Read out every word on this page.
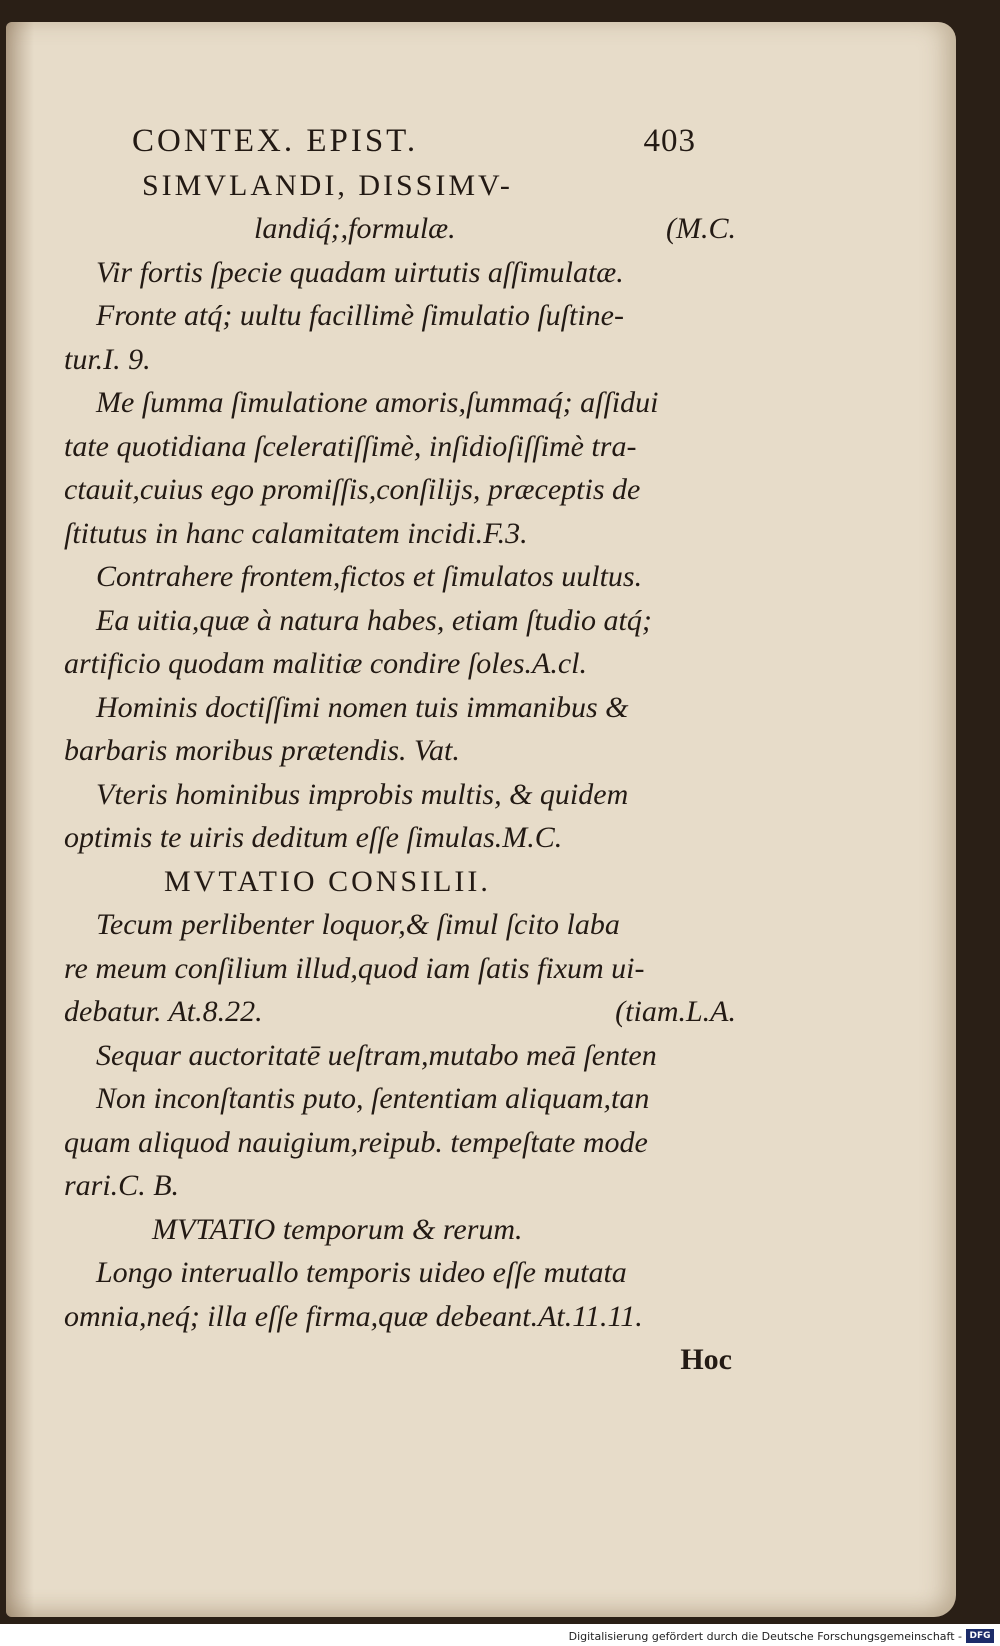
CONTEX. EPIST.	403
SIMVLANDI, DISSIMV-
landiq́;,formulæ.	(M.C.
Vir fortis ſpecie quadam uirtutis aſſimulatæ.
Fronte atq́; uultu facillimè ſimulatio ſuſtine-
tur.I. 9.
Me ſumma ſimulatione amoris,ſummaq́; aſſidui
tate quotidiana ſceleratiſſimè, inſidioſiſſimè tra-
ctauit,cuius ego promiſſis,conſilijs, præceptis de
ſtitutus in hanc calamitatem incidi.F.3.
Contrahere frontem,fictos et ſimulatos uultus.
Ea uitia,quæ à natura habes, etiam ſtudio atq́;
artificio quodam malitiæ condire ſoles.A.cl.
Hominis doctiſſimi nomen tuis immanibus &
barbaris moribus prætendis. Vat.
Vteris hominibus improbis multis, & quidem
optimis te uiris deditum eſſe ſimulas.M.C.
MVTATIO CONSILII.
Tecum perlibenter loquor,& ſimul ſcito laba
re meum conſilium illud,quod iam ſatis fixum ui-
debatur. At.8.22.	(tiam.L.A.
Sequar auctoritatē ueſtram,mutabo meā ſenten
Non inconſtantis puto, ſententiam aliquam,tan
quam aliquod nauigium,reipub. tempeſtate mode
rari.C. B.
MVTATIO temporum & rerum.
Longo interuallo temporis uideo eſſe mutata
omnia,neq́; illa eſſe firma,quæ debeant.At.11.11.
Hoc
Digitalisierung gefördert durch die Deutsche Forschungsgemeinschaft - DFG
